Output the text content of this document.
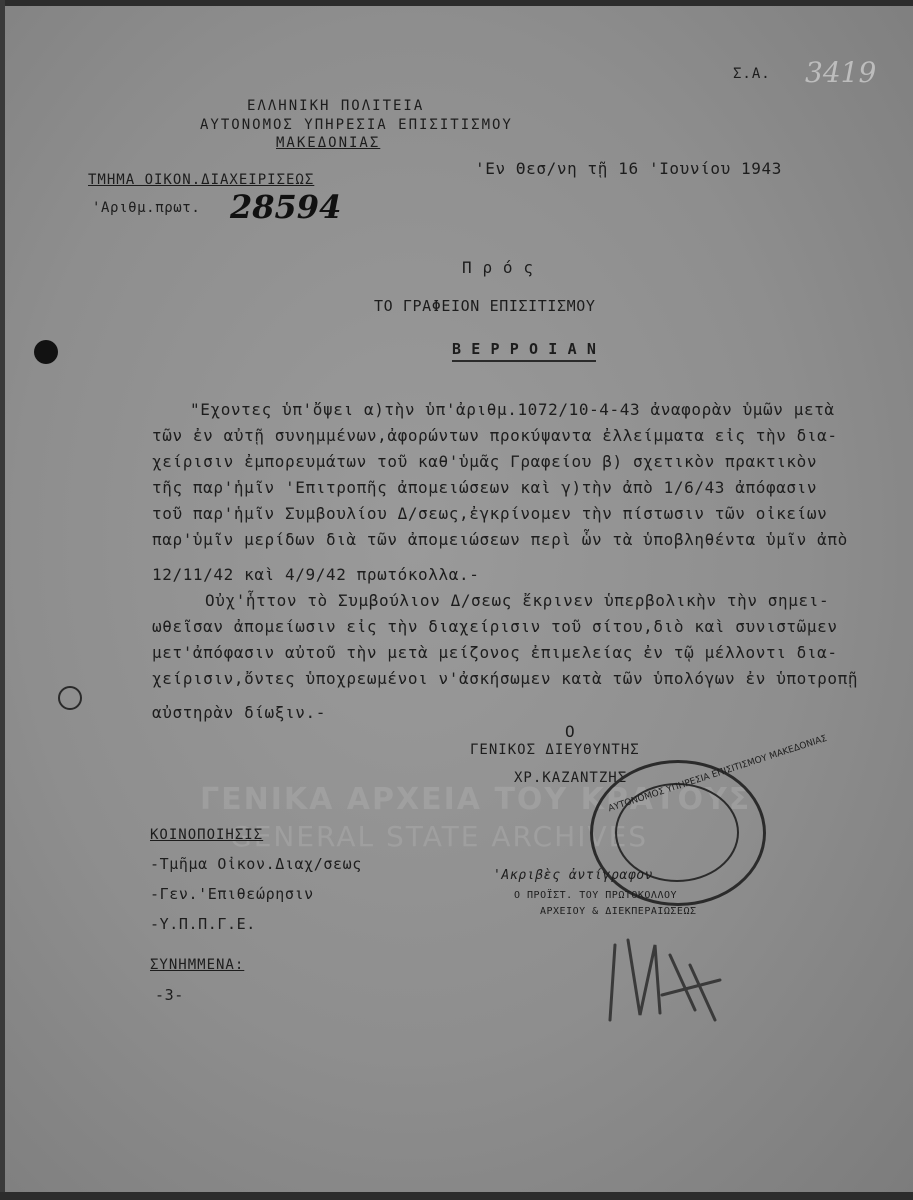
ΓΕΝΙΚΑ ΑΡΧΕΙΑ ΤΟΥ ΚΡΑΤΟΥΣ
GENERAL STATE ARCHIVES
Σ.Α. 3419
ΕΛΛΗΝΙΚΗ ΠΟΛΙΤΕΙΑ
ΑΥΤΟΝΟΜΟΣ ΥΠΗΡΕΣΙΑ ΕΠΙΣΙΤΙΣΜΟΥ
ΜΑΚΕΔΟΝΙΑΣ
ΤΜΗΜΑ ΟΙΚΟΝ.ΔΙΑΧΕΙΡΙΣΕΩΣ
'Εν Θεσ/νη τῇ 16 'Ιουνίου 1943
'Αριθμ.πρωτ. 28594
Π ρ ό ς
ΤΟ ΓΡΑΦΕΙΟΝ ΕΠΙΣΙΤΙΣΜΟΥ
Β Ε Ρ Ρ Ο Ι Α Ν
"Εχοντες ὑπ'ὄψει α)τὴν ὑπ'ἀριθμ.1072/10-4-43 ἀναφορὰν ὑμῶν μετὰ
τῶν ἐν αὐτῇ συνημμένων,ἀφορώντων προκύψαντα ἐλλείμματα εἰς τὴν δια-
χείρισιν ἐμπορευμάτων τοῦ καθ'ὑμᾶς Γραφείου β) σχετικὸν πρακτικὸν
τῆς παρ'ἡμῖν 'Επιτροπῆς ἀπομειώσεων καὶ γ)τὴν ἀπὸ 1/6/43 ἀπόφασιν
τοῦ παρ'ἡμῖν Συμβουλίου Δ/σεως,ἐγκρίνομεν τὴν πίστωσιν τῶν οἰκείων
παρ'ὑμῖν μερίδων διὰ τῶν ἀπομειώσεων περὶ ὧν τὰ ὑποβληθέντα ὑμῖν ἀπὸ
12/11/42 καὶ 4/9/42 πρωτόκολλα.-
Οὐχ'ἧττον τὸ Συμβούλιον Δ/σεως ἔκρινεν ὑπερβολικὴν τὴν σημει-
ωθεῖσαν ἀπομείωσιν εἰς τὴν διαχείρισιν τοῦ σίτου,διὸ καὶ συνιστῶμεν
μετ'ἀπόφασιν αὐτοῦ τὴν μετὰ μείζονος ἐπιμελείας ἐν τῷ μέλλοντι δια-
χείρισιν,ὄντες ὑποχρεωμένοι ν'ἀσκήσωμεν κατὰ τῶν ὑπολόγων ἐν ὑποτροπῇ
αὐστηρὰν δίωξιν.-
Ο
ΓΕΝΙΚΟΣ ΔΙΕΥΘΥΝΤΗΣ
ΧΡ.ΚΑΖΑΝΤΖΗΣ
ΑΥΤΟΝΟΜΟΣ ΥΠΗΡΕΣΙΑ ΕΠΙΣΙΤΙΣΜΟΥ ΜΑΚΕΔΟΝΙΑΣ
'Ακριβὲς ἀντίγραφον
Ο ΠΡΟΪΣΤ. ΤΟΥ ΠΡΩΤΟΚΟΛΛΟΥ
ΑΡΧΕΙΟΥ & ΔΙΕΚΠΕΡΑΙΩΣΕΩΣ
ΚΟΙΝΟΠΟΙΗΣΙΣ
-Τμῆμα Οἰκον.Διαχ/σεως
-Γεν.'Επιθεώρησιν
-Υ.Π.Π.Γ.Ε.
ΣΥΝΗΜΜΕΝΑ:
-3-
